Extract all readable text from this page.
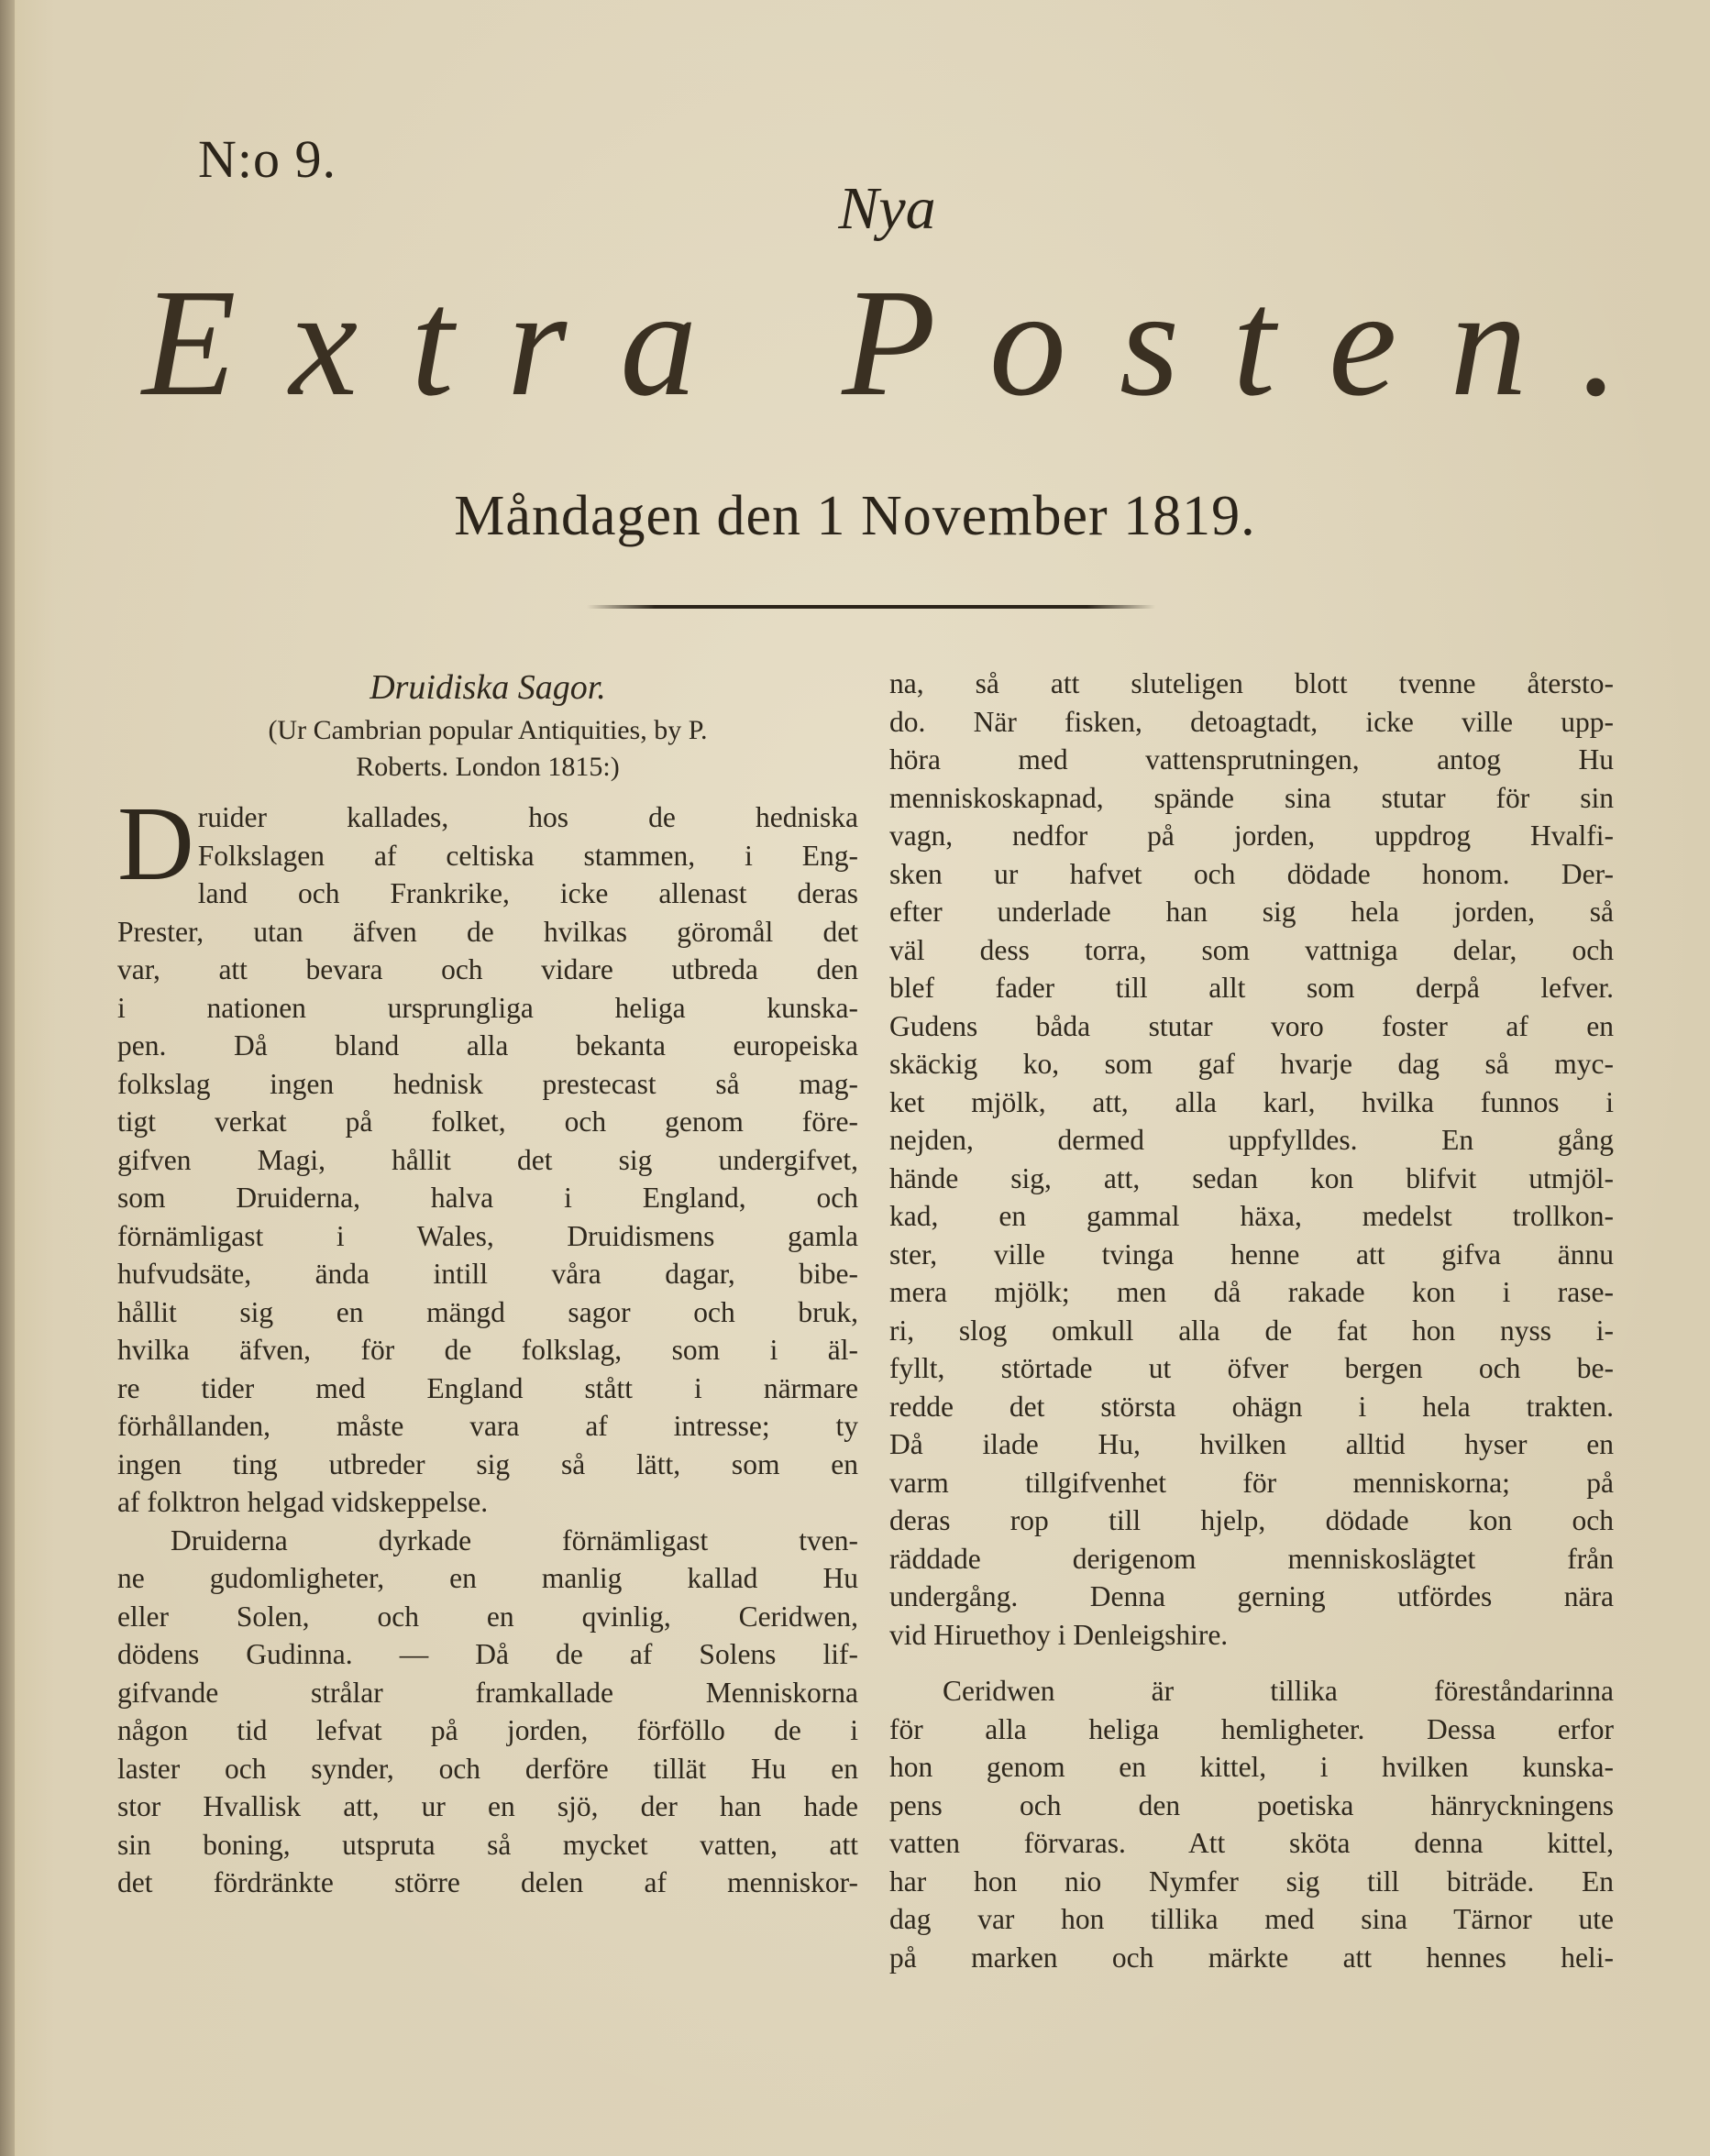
N:o 9.
Nya
Extra Posten.
Måndagen den 1 November 1819.
Druidiska Sagor.
(Ur Cambrian popular Antiquities, by P.
Roberts. London 1815:)
D ruider kallades, hos de hedniska
Folkslagen af celtiska stammen, i Eng-
land och Frankrike, icke allenast deras
Prester, utan äfven de hvilkas göromål det
var, att bevara och vidare utbreda den
i nationen ursprungliga heliga kunska-
pen. Då bland alla bekanta europeiska
folkslag ingen hednisk prestecast så mag-
tigt verkat på folket, och genom före-
gifven Magi, hållit det sig undergifvet,
som Druiderna, halva i England, och
förnämligast i Wales, Druidismens gamla
hufvudsäte, ända intill våra dagar, bibe-
hållit sig en mängd sagor och bruk,
hvilka äfven, för de folkslag, som i äl-
re tider med England stått i närmare
förhållanden, måste vara af intresse; ty
ingen ting utbreder sig så lätt, som en
af folktron helgad vidskeppelse.
Druiderna dyrkade förnämligast tven-
ne gudomligheter, en manlig kallad Hu
eller Solen, och en qvinlig, Ceridwen,
dödens Gudinna. — Då de af Solens lif-
gifvande strålar framkallade Menniskorna
någon tid lefvat på jorden, förföllo de i
laster och synder, och derföre tillät Hu en
stor Hvallisk att, ur en sjö, der han hade
sin boning, utspruta så mycket vatten, att
det fördränkte större delen af menniskor-
na, så att sluteligen blott tvenne återsto-
do. När fisken, detoagtadt, icke ville upp-
höra med vattensprutningen, antog Hu
menniskoskapnad, spände sina stutar för sin
vagn, nedfor på jorden, uppdrog Hvalfi-
sken ur hafvet och dödade honom. Der-
efter underlade han sig hela jorden, så
väl dess torra, som vattniga delar, och
blef fader till allt som derpå lefver.
Gudens båda stutar voro foster af en
skäckig ko, som gaf hvarje dag så myc-
ket mjölk, att, alla karl, hvilka funnos i
nejden, dermed uppfylldes. En gång
hände sig, att, sedan kon blifvit utmjöl-
kad, en gammal häxa, medelst trollkon-
ster, ville tvinga henne att gifva ännu
mera mjölk; men då rakade kon i rase-
ri, slog omkull alla de fat hon nyss i-
fyllt, störtade ut öfver bergen och be-
redde det största ohägn i hela trakten.
Då ilade Hu, hvilken alltid hyser en
varm tillgifvenhet för menniskorna; på
deras rop till hjelp, dödade kon och
räddade derigenom menniskoslägtet från
undergång. Denna gerning utfördes nära
vid Hiruethoy i Denleigshire.
Ceridwen är tillika föreståndarinna
för alla heliga hemligheter. Dessa erfor
hon genom en kittel, i hvilken kunska-
pens och den poetiska hänryckningens
vatten förvaras. Att sköta denna kittel,
har hon nio Nymfer sig till biträde. En
dag var hon tillika med sina Tärnor ute
på marken och märkte att hennes heli-
